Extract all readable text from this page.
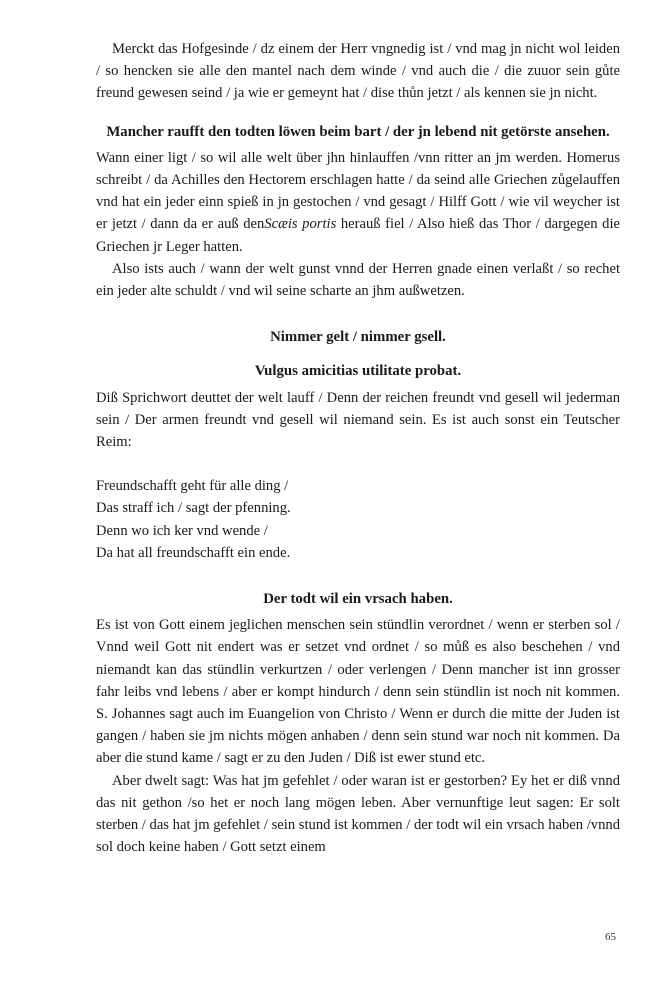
Merckt das Hofgesinde / dz einem der Herr vngnedig ist / vnd mag jn nicht wol leiden / so hencken sie alle den mantel nach dem winde / vnd auch die / die zuuor sein gůte freund gewesen seind / ja wie er gemeynt hat / dise thůn jetzt / als kennen sie jn nicht.

Mancher raufft den todten löwen beim bart / der jn lebend nit getörste ansehen.

Wann einer ligt / so wil alle welt über jhn hinlauffen /vnn ritter an jm werden. Homerus schreibt / da Achilles den Hectorem erschlagen hatte / da seind alle Griechen zůgelauffen vnd hat ein jeder einn spieß in jn gestochen / vnd gesagt / Hilff Gott / wie vil weycher ist er jetzt / dann da er auß denScæis portis herauß fiel / Also hieß das Thor / dargegen die Griechen jr Leger hatten.

Also ists auch / wann der welt gunst vnnd der Herren gnade einen verlaßt / so rechet ein jeder alte schuldt / vnd wil seine scharte an jhm außwetzen.

Nimmer gelt / nimmer gsell.

Vulgus amicitias utilitate probat.

Diß Sprichwort deuttet der welt lauff / Denn der reichen freundt vnd gesell wil jederman sein / Der armen freundt vnd gesell wil niemand sein. Es ist auch sonst ein Teutscher Reim:

Freundschafft geht für alle ding /
Das straff ich / sagt der pfenning.
Denn wo ich ker vnd wende /
Da hat all freundschafft ein ende.

Der todt wil ein vrsach haben.

Es ist von Gott einem jeglichen menschen sein stündlin verordnet / wenn er sterben sol / Vnnd weil Gott nit endert was er setzet vnd ordnet / so můß es also beschehen / vnd niemandt kan das stündlin verkurtzen / oder verlengen / Denn mancher ist inn grosser fahr leibs vnd lebens / aber er kompt hindurch / denn sein stündlin ist noch nit kommen. S. Johannes sagt auch im Euangelion von Christo / Wenn er durch die mitte der Juden ist gangen / haben sie jm nichts mögen anhaben / denn sein stund war noch nit kommen. Da aber die stund kame / sagt er zu den Juden / Diß ist ewer stund etc.

Aber dwelt sagt: Was hat jm gefehlet / oder waran ist er gestorben? Ey het er diß vnnd das nit gethon /so het er noch lang mögen leben. Aber vernunftige leut sagen: Er solt sterben / das hat jm gefehlet / sein stund ist kommen / der todt wil ein vrsach haben /vnnd sol doch keine haben / Gott setzt einem

65
